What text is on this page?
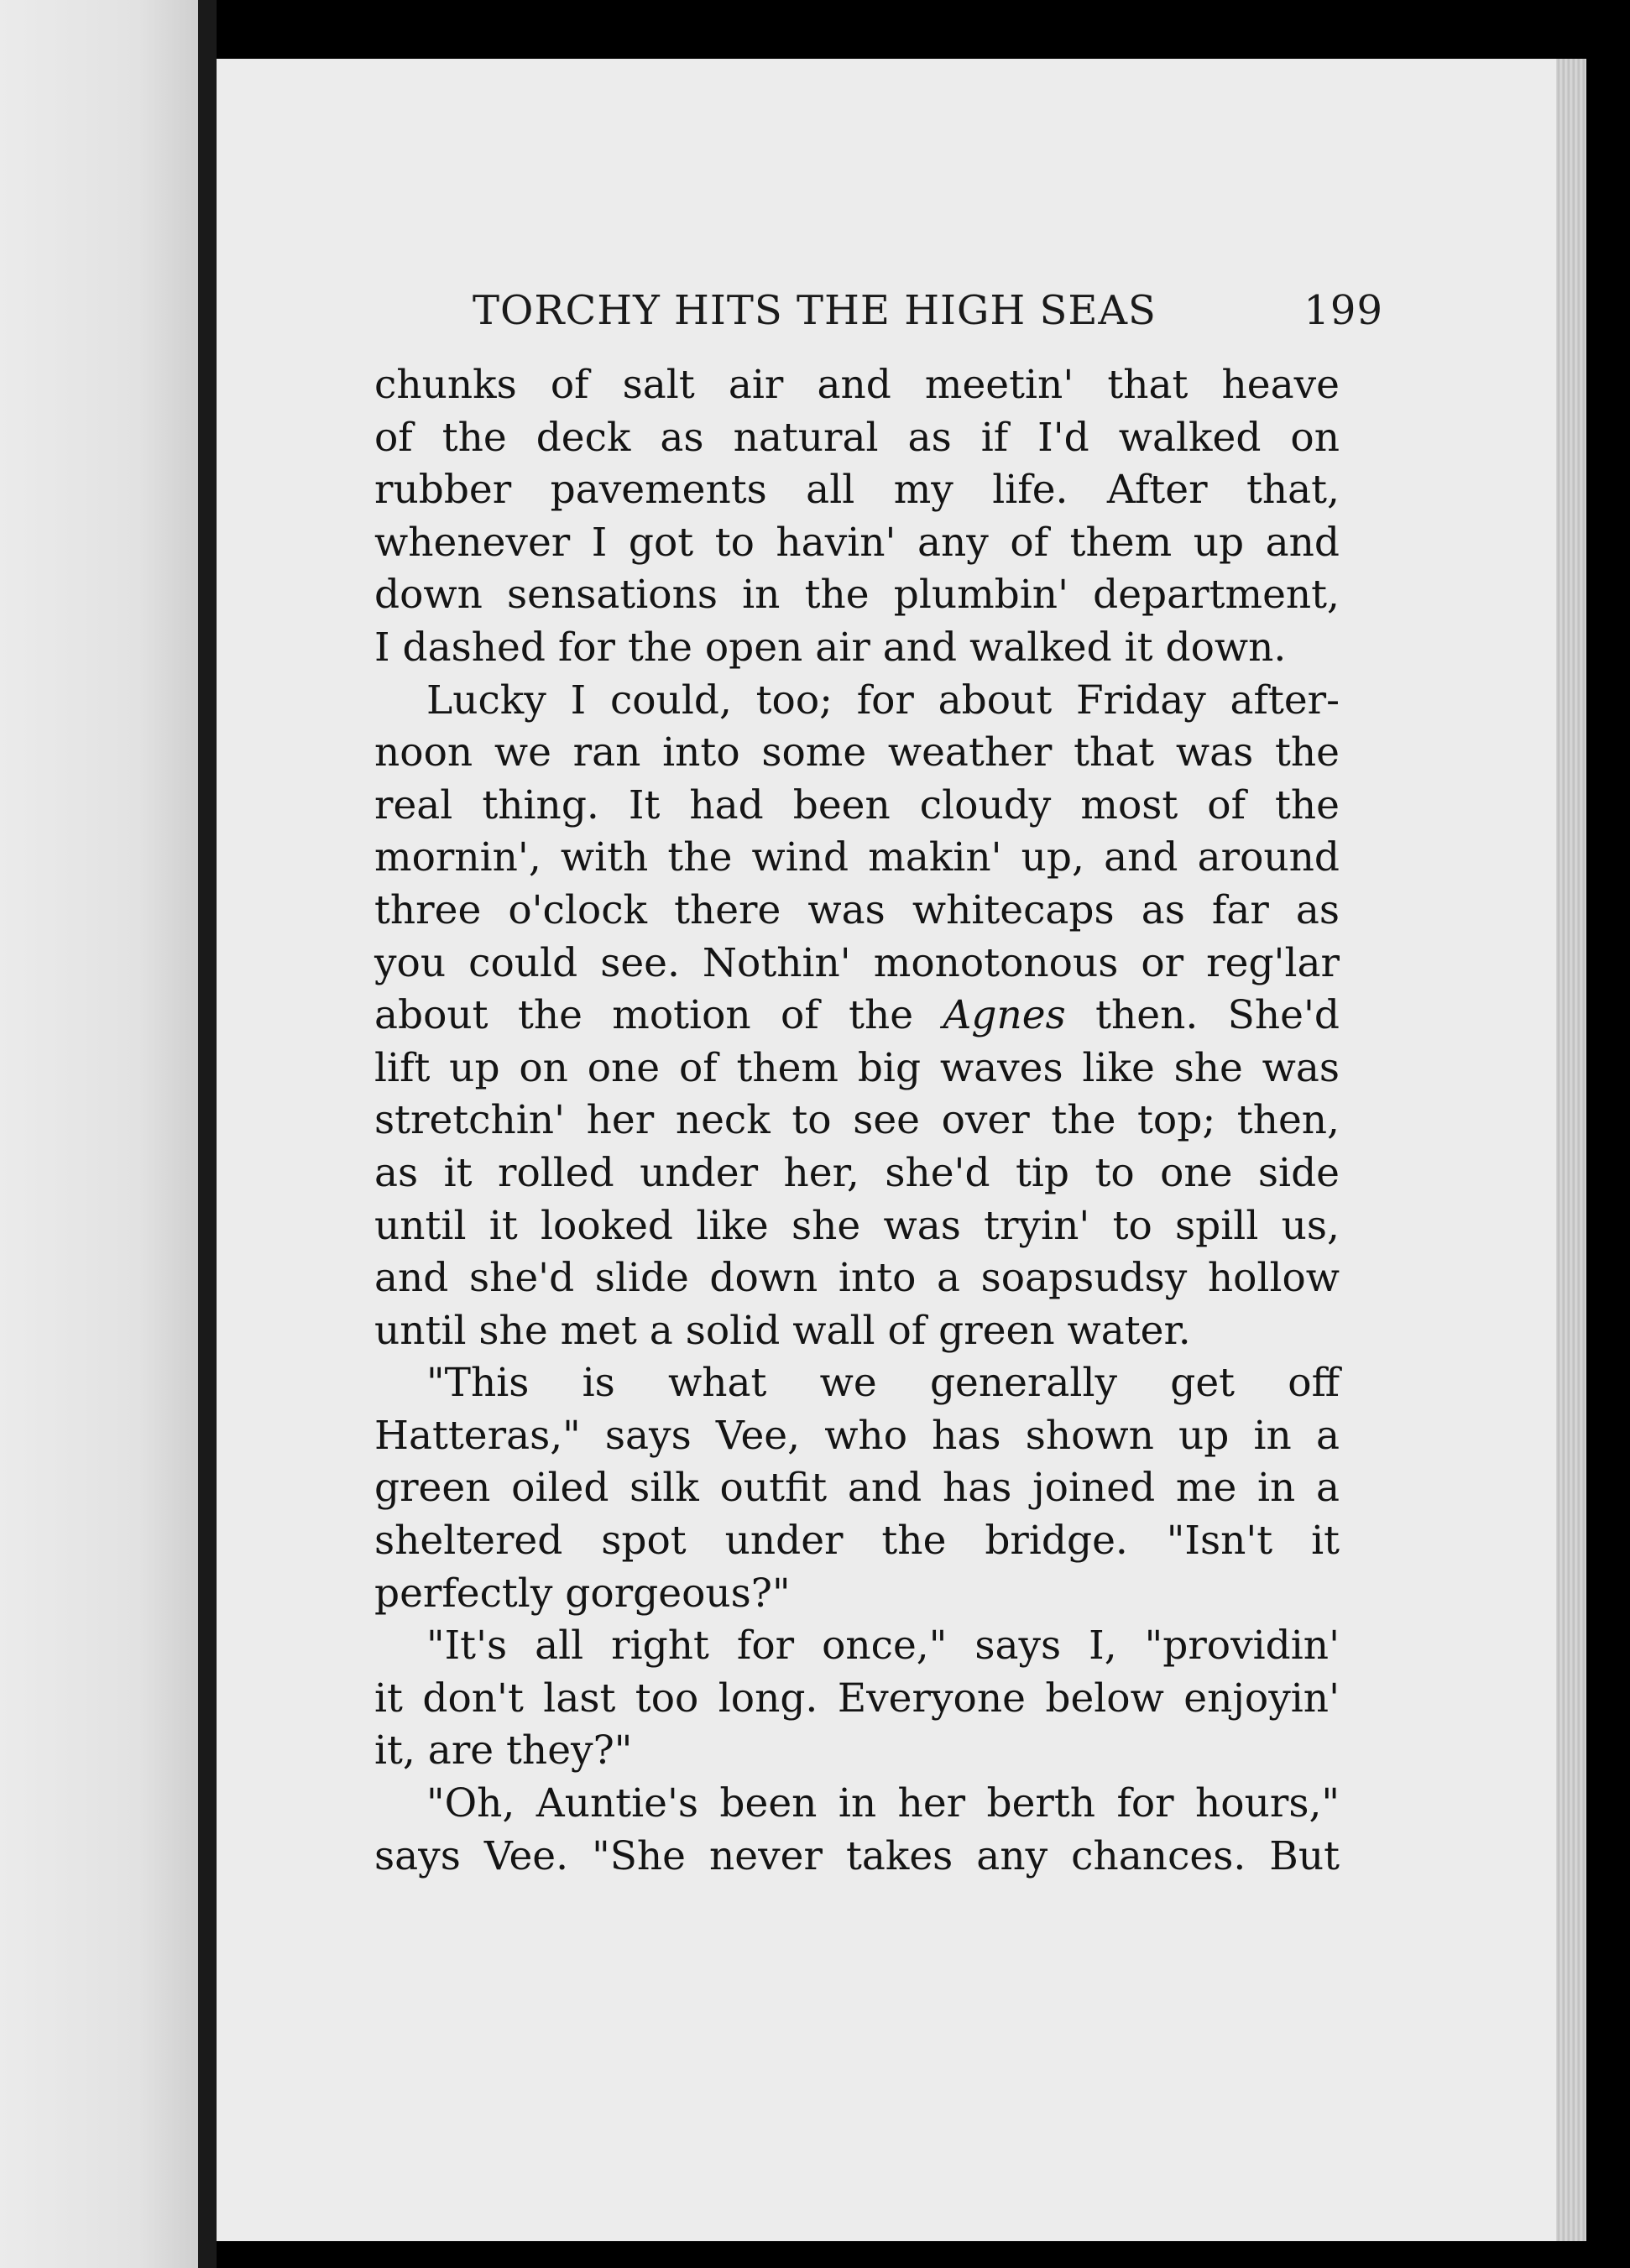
TORCHY HITS THE HIGH SEAS	199
chunks of salt air and meetin' that heave
of the deck as natural as if I'd walked on
rubber pavements all my life. After that,
whenever I got to havin' any of them up and
down sensations in the plumbin' department,
I dashed for the open air and walked it down.
Lucky I could, too; for about Friday after-
noon we ran into some weather that was the
real thing. It had been cloudy most of the
mornin', with the wind makin' up, and around
three o'clock there was whitecaps as far as
you could see. Nothin' monotonous or reg'lar
about the motion of the Agnes then. She'd
lift up on one of them big waves like she was
stretchin' her neck to see over the top; then,
as it rolled under her, she'd tip to one side
until it looked like she was tryin' to spill us,
and she'd slide down into a soapsudsy hollow
until she met a solid wall of green water.
"This is what we generally get off
Hatteras," says Vee, who has shown up in a
green oiled silk outfit and has joined me in a
sheltered spot under the bridge. "Isn't it
perfectly gorgeous?"
"It's all right for once," says I, "providin'
it don't last too long. Everyone below enjoyin'
it, are they?"
"Oh, Auntie's been in her berth for hours,"
says Vee. "She never takes any chances. But
